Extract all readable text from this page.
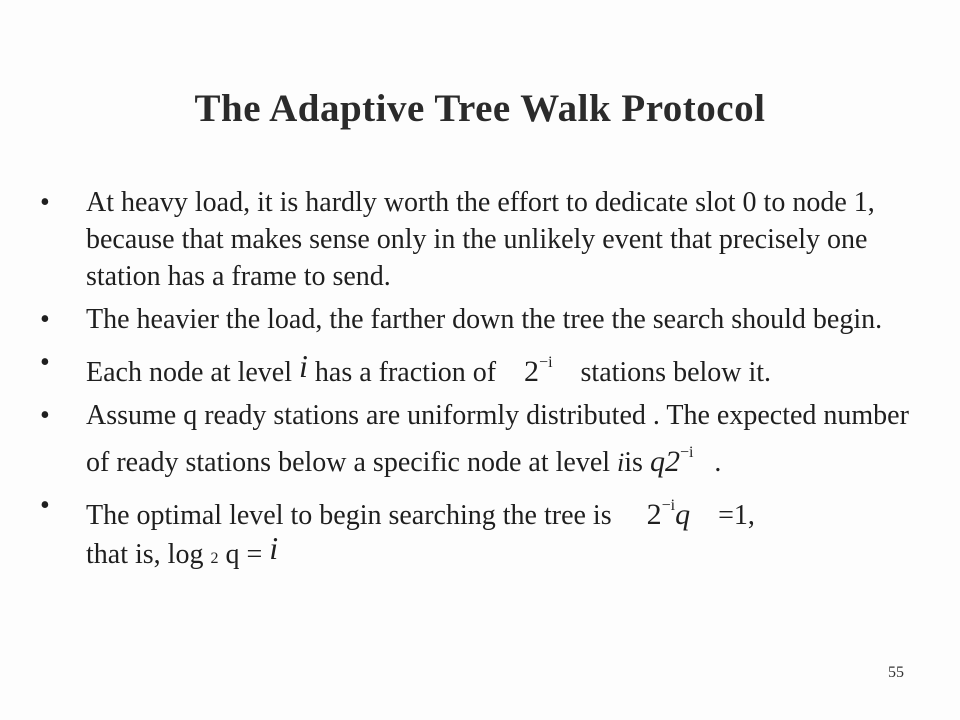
The Adaptive Tree Walk Protocol
• At heavy load, it is hardly worth the effort to dedicate slot 0 to node 1, because that makes sense only in the unlikely event that precisely one station has a frame to send.
• The heavier the load, the farther down the tree the search should begin.
• Each node at level i has a fraction of $2^{-i}$ stations below it.
• Assume q ready stations are uniformly distributed . The expected number of ready stations below a specific node at level iis $q2^{-i}$ .
• The optimal level to begin searching the tree is $2^{-i}q =1$,
that is, log 2 q = i
55
